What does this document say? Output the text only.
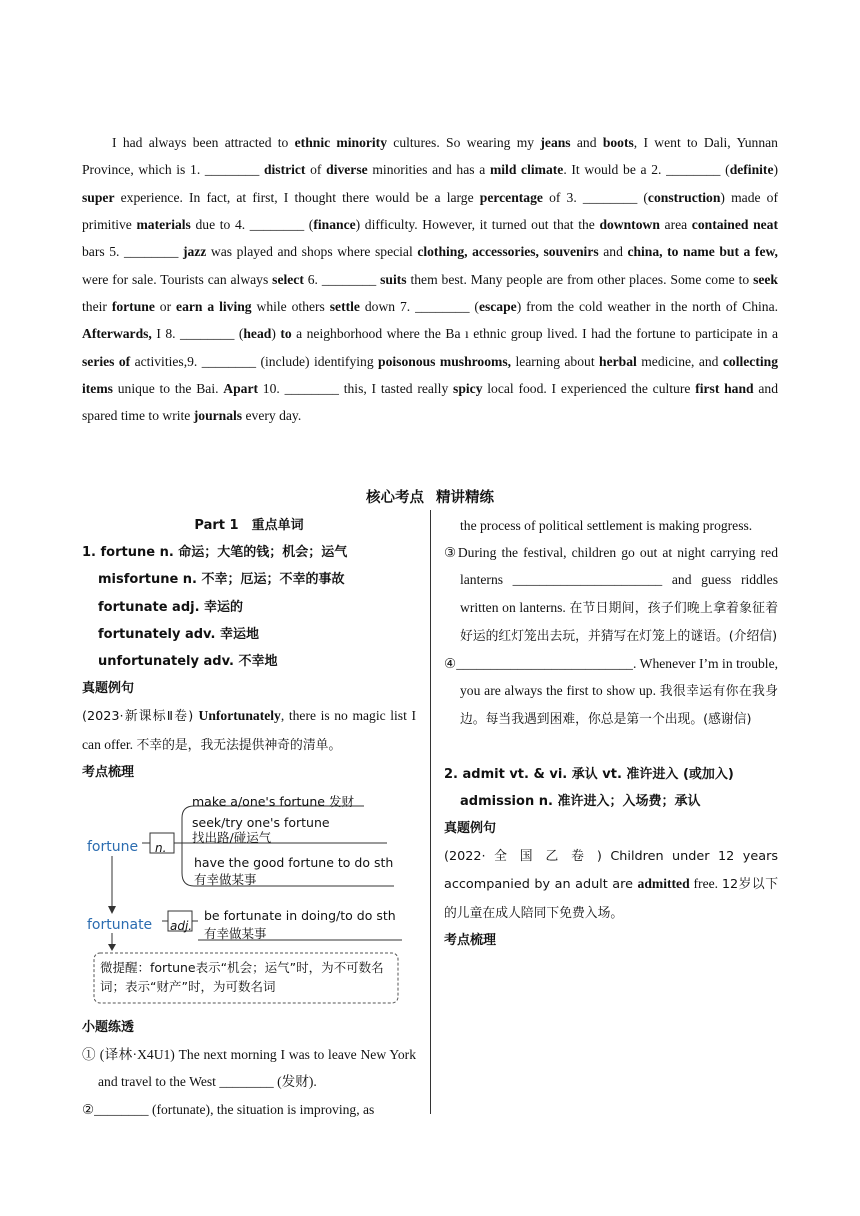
I had always been attracted to ethnic minority cultures. So wearing my jeans and boots, I went to Dali, Yunnan Province, which is 1. ________ district of diverse minorities and has a mild climate. It would be a 2. ________ (definite) super experience. In fact, at first, I thought there would be a large percentage of 3. ________ (construction) made of primitive materials due to 4. ________ (finance) difficulty. However, it turned out that the downtown area contained neat bars 5. ________ jazz was played and shops where special clothing, accessories, souvenirs and china, to name but a few, were for sale. Tourists can always select 6. ________ suits them best. Many people are from other places. Some come to seek their fortune or earn a living while others settle down 7. ________ (escape) from the cold weather in the north of China. Afterwards, I 8. ________ (head) to a neighborhood where the Ba ı ethnic group lived. I had the fortune to participate in a series of activities,9. ________ (include) identifying poisonous mushrooms, learning about herbal medicine, and collecting items unique to the Bai. Apart 10. ________ this, I tasted really spicy local food. I experienced the culture first hand and spared time to write journals every day.
核心考点 精讲精练

Part 1　重点单词

1. fortune n. 命运；大笔的钱；机会；运气

misfortune n. 不幸；厄运；不幸的事故

fortunate adj. 幸运的

fortunately adv. 幸运地

unfortunately adv. 不幸地

真题例句

(2023·新课标Ⅱ卷) Unfortunately, there is no magic list I can offer. 不幸的是，我无法提供神奇的清单。

考点梳理

fortune n.
make a/one's fortune 发财
seek/try one's fortune
找出路/碰运气
have the good fortune to do sth
有幸做某事
fortunate adj.
be fortunate in doing/to do sth
有幸做某事
微提醒：fortune表示“机会；运气”时，为不可数名词；表示“财产”时，为可数名词

小题练透

① (译林·X4U1) The next morning I was to leave New York and travel to the West ________ (发财).

②________ (fortunate), the situation is improving, as

the process of political settlement is making progress.

③During the festival, children go out at night carrying red lanterns ______________________ and guess riddles written on lanterns. 在节日期间，孩子们晚上拿着象征着好运的红灯笼出去玩，并猜写在灯笼上的谜语。(介绍信)

④__________________________. Whenever I’m in trouble, you are always the first to show up. 我很幸运有你在我身边。每当我遇到困难，你总是第一个出现。(感谢信)

2. admit vt. & vi. 承认 vt. 准许进入 (或加入)
admission n. 准许进入；入场费；承认

真题例句

(2022· 全 国 乙 卷 ) Children under 12 years accompanied by an adult are admitted free. 12岁以下的儿童在成人陪同下免费入场。

考点梳理
